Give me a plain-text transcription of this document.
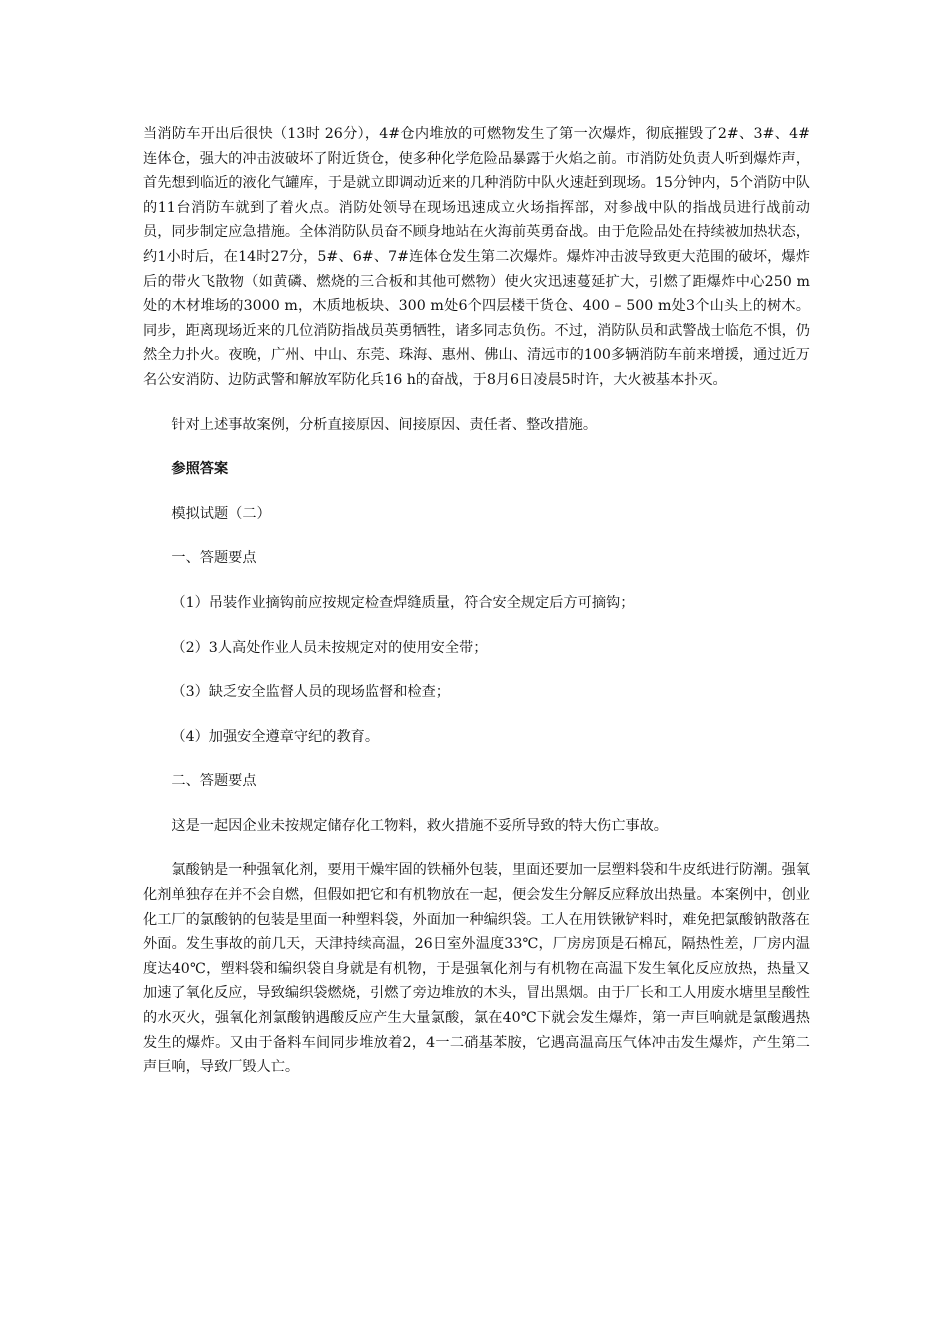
当消防车开出后很快（13时 26分），4#仓内堆放的可燃物发生了第一次爆炸，彻底摧毁了2#、3#、4#连体仓，强大的冲击波破坏了附近货仓，使多种化学危险品暴露于火焰之前。市消防处负责人听到爆炸声，首先想到临近的液化气罐库，于是就立即调动近来的几种消防中队火速赶到现场。15分钟内，5个消防中队的11台消防车就到了着火点。消防处领导在现场迅速成立火场指挥部，对参战中队的指战员进行战前动员，同步制定应急措施。全体消防队员奋不顾身地站在火海前英勇奋战。由于危险品处在持续被加热状态，约1小时后，在14时27分，5#、6#、7#连体仓发生第二次爆炸。爆炸冲击波导致更大范围的破坏，爆炸后的带火飞散物（如黄磷、燃烧的三合板和其他可燃物）使火灾迅速蔓延扩大，引燃了距爆炸中心250 m处的木材堆场的3000 m，木质地板块、300 m处6个四层楼干货仓、400 – 500 m处3个山头上的树木。同步，距离现场近来的几位消防指战员英勇牺牲，诸多同志负伤。不过，消防队员和武警战士临危不惧，仍然全力扑火。夜晚，广州、中山、东莞、珠海、惠州、佛山、清远市的100多辆消防车前来增援，通过近万名公安消防、边防武警和解放军防化兵16 h的奋战，于8月6日凌晨5时许，大火被基本扑灭。

针对上述事故案例，分析直接原因、间接原因、责任者、整改措施。

参照答案

模拟试题（二）

一、答题要点

（1）吊装作业摘钩前应按规定检查焊缝质量，符合安全规定后方可摘钩；

（2）3人高处作业人员未按规定对的使用安全带；

（3）缺乏安全监督人员的现场监督和检查；

（4）加强安全遵章守纪的教育。

二、答题要点

这是一起因企业未按规定储存化工物料，救火措施不妥所导致的特大伤亡事故。

氯酸钠是一种强氧化剂，要用干燥牢固的铁桶外包装，里面还要加一层塑料袋和牛皮纸进行防潮。强氧化剂单独存在并不会自燃，但假如把它和有机物放在一起，便会发生分解反应释放出热量。本案例中，创业化工厂的氯酸钠的包装是里面一种塑料袋，外面加一种编织袋。工人在用铁锹铲料时，难免把氯酸钠散落在外面。发生事故的前几天，天津持续高温，26日室外温度33℃，厂房房顶是石棉瓦，隔热性差，厂房内温度达40℃，塑料袋和编织袋自身就是有机物，于是强氧化剂与有机物在高温下发生氧化反应放热，热量又加速了氧化反应，导致编织袋燃烧，引燃了旁边堆放的木头，冒出黑烟。由于厂长和工人用废水塘里呈酸性的水灭火，强氧化剂氯酸钠遇酸反应产生大量氯酸，氯在40℃下就会发生爆炸，第一声巨响就是氯酸遇热发生的爆炸。又由于备料车间同步堆放着2，4一二硝基苯胺，它遇高温高压气体冲击发生爆炸，产生第二声巨响，导致厂毁人亡。
